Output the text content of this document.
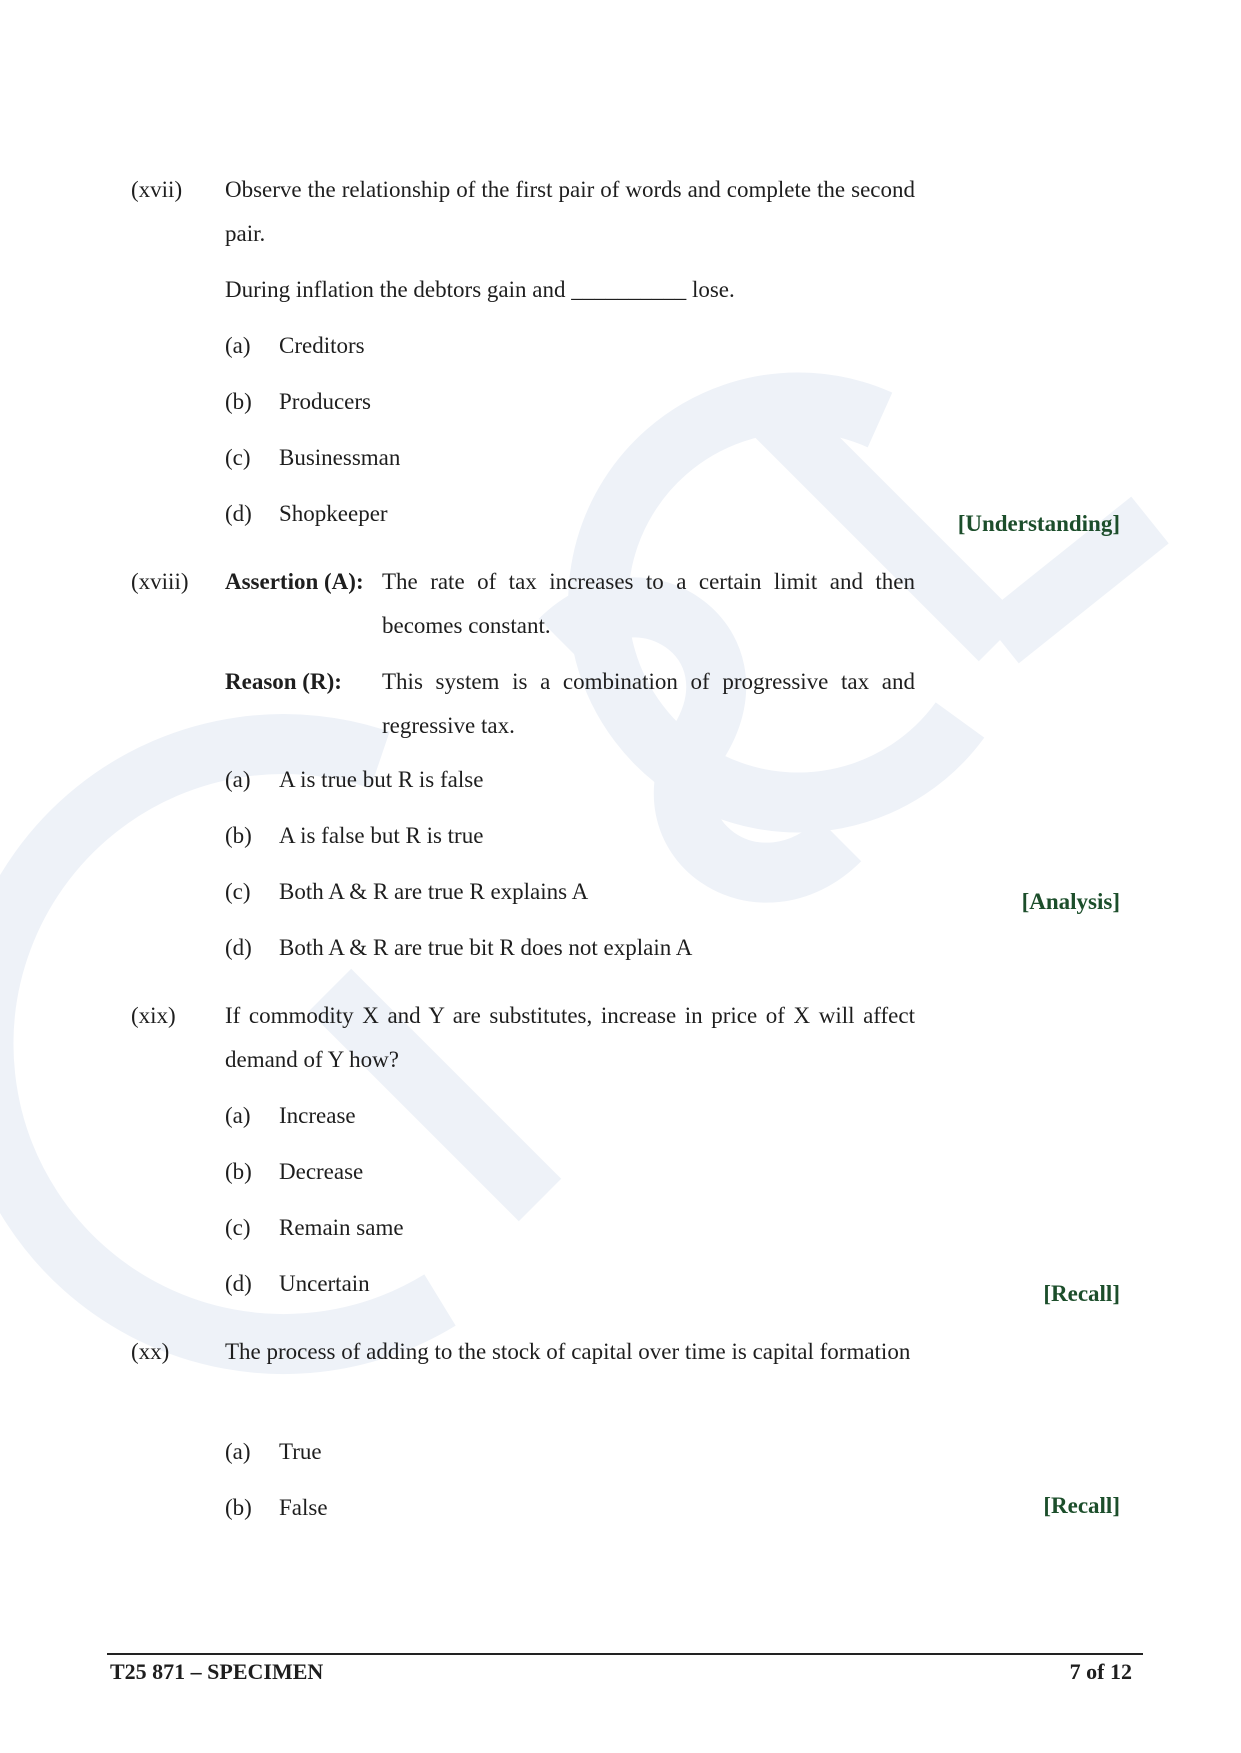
(xvii) Observe the relationship of the first pair of words and complete the second pair.
During inflation the debtors gain and __________ lose.
(a) Creditors
(b) Producers
(c) Businessman
(d) Shopkeeper	[Understanding]
(xviii) Assertion (A): The rate of tax increases to a certain limit and then becomes constant.
Reason (R): This system is a combination of progressive tax and regressive tax.
(a) A is true but R is false
(b) A is false but R is true
(c) Both A & R are true R explains A
(d) Both A & R are true bit R does not explain A
[Analysis]
(xix) If commodity X and Y are substitutes, increase in price of X will affect demand of Y how?
(a) Increase
(b) Decrease
(c) Remain same
(d) Uncertain	[Recall]
(xx) The process of adding to the stock of capital over time is capital formation
(a) True
(b) False	[Recall]
T25 871 – SPECIMEN	7 of 12
